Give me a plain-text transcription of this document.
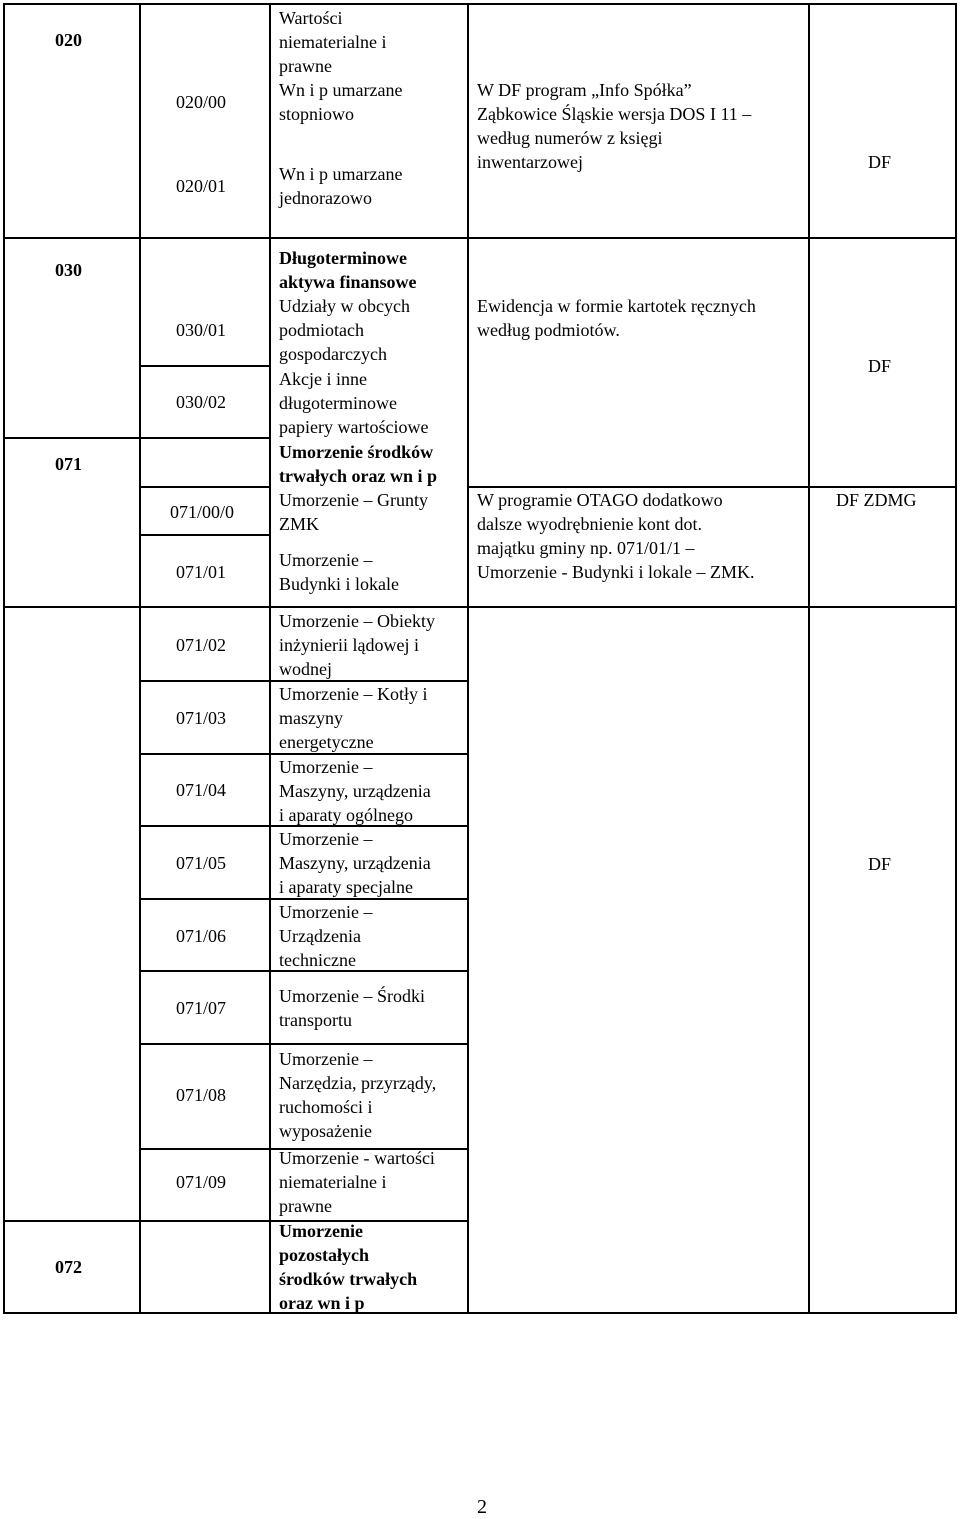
020
020/00
020/01
Wartości
niematerialne i
prawne
Wn i p umarzane
stopniowo
Wn i p umarzane
jednorazowo
W DF program „Info Spółka”
Ząbkowice Śląskie wersja DOS I 11 –
według numerów z księgi
inwentarzowej	DF
030
Długoterminowe
aktywa finansowe
030/01
Udziały w obcych
podmiotach
gospodarczych
030/02
Akcje i inne
długoterminowe
papiery wartościowe
Ewidencja w formie kartotek ręcznych
według podmiotów.
DF
071
Umorzenie środków
trwałych oraz wn i p
071/00/0
Umorzenie – Grunty
ZMK
071/01
Umorzenie –
Budynki i lokale
W programie OTAGO dodatkowo
dalsze wyodrębnienie kont dot.
majątku gminy np. 071/01/1 –
Umorzenie - Budynki i lokale – ZMK.
DF ZDMG
071/02
Umorzenie – Obiekty
inżynierii lądowej i
wodnej
071/03
Umorzenie – Kotły i
maszyny
energetyczne
071/04
Umorzenie –
Maszyny, urządzenia
i aparaty ogólnego
071/05
Umorzenie –
Maszyny, urządzenia
i aparaty specjalne
071/06
Umorzenie –
Urządzenia
techniczne
071/07
Umorzenie – Środki
transportu
071/08
Umorzenie –
Narzędzia, przyrządy,
ruchomości i
wyposażenie
071/09
Umorzenie - wartości
niematerialne i
prawne
DF
072
Umorzenie
pozostałych
środków trwałych
oraz wn i p
2
